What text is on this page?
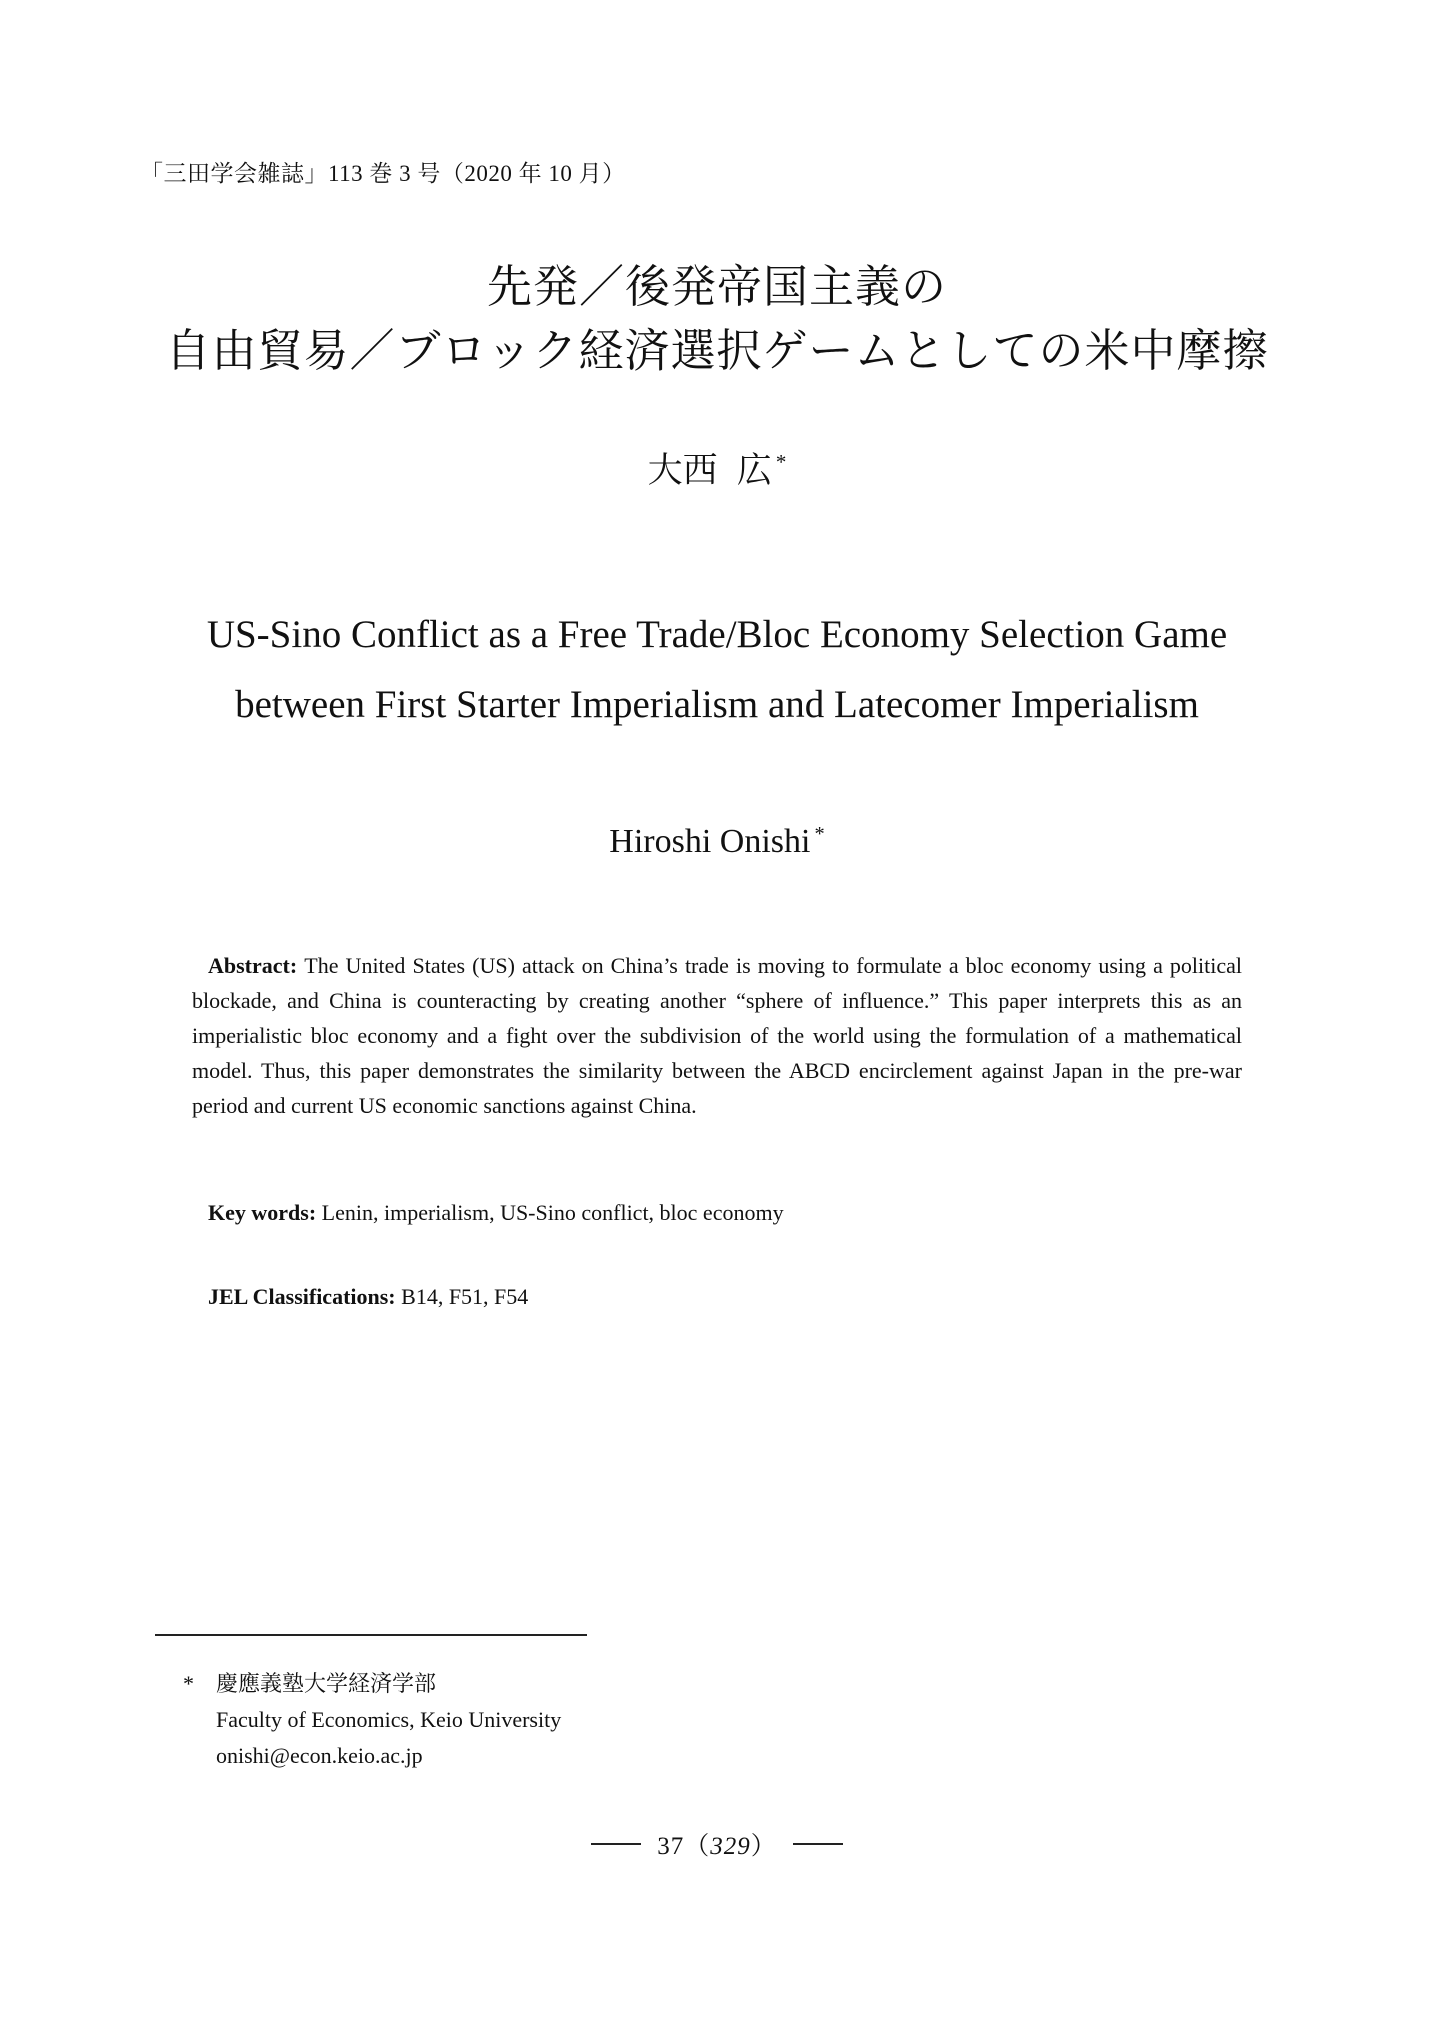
「三田学会雑誌」113 巻 3 号（2020 年 10 月）
先発／後発帝国主義の
自由貿易／ブロック経済選択ゲームとしての米中摩擦
大西 広 *
US-Sino Conflict as a Free Trade/Bloc Economy Selection Game
between First Starter Imperialism and Latecomer Imperialism
Hiroshi Onishi *

Abstract: The United States (US) attack on China’s trade is moving to formulate a bloc economy using a political blockade, and China is counteracting by creating another “sphere of influence.” This paper interprets this as an imperialistic bloc economy and a fight over the subdivision of the world using the formulation of a mathematical model. Thus, this paper demonstrates the similarity between the ABCD encirclement against Japan in the pre-war period and current US economic sanctions against China.

Key words: Lenin, imperialism, US-Sino conflict, bloc economy

JEL Classifications: B14, F51, F54

*	慶應義塾大学経済学部
Faculty of Economics, Keio University
onishi@econ.keio.ac.jp
37（329）
